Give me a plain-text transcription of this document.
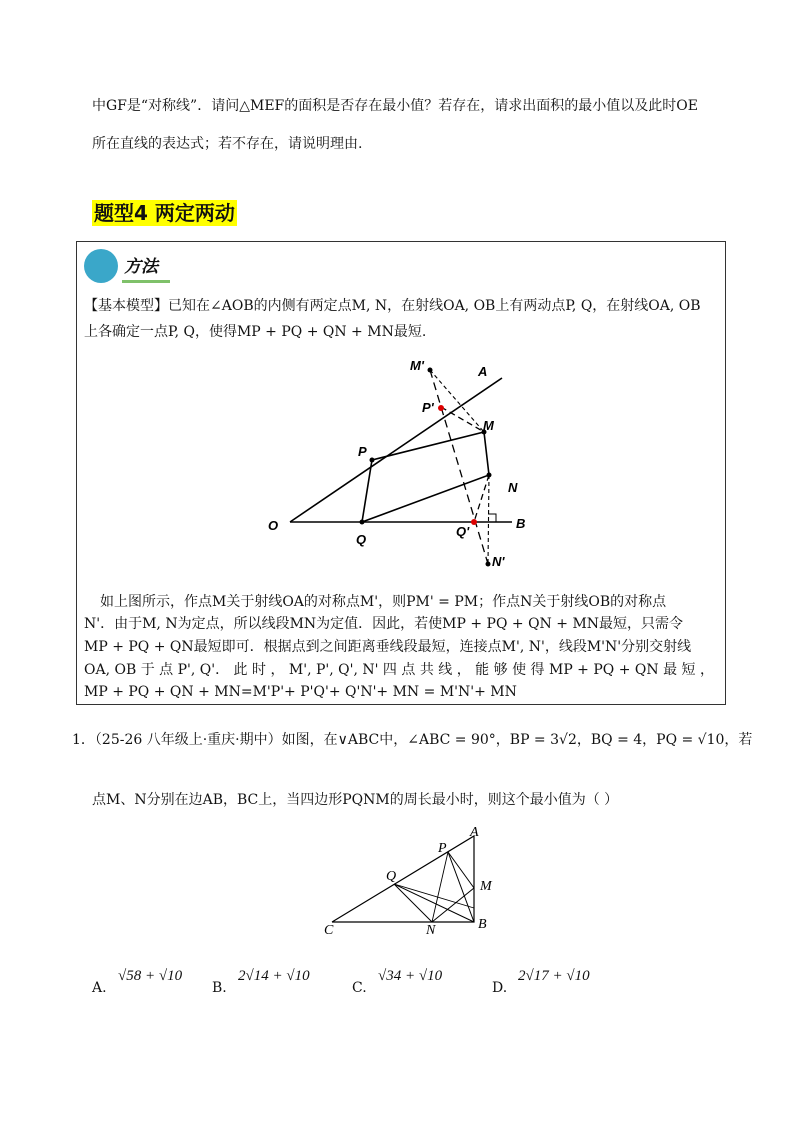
中GF是“对称线”．请问△MEF的面积是否存在最小值？若存在，请求出面积的最小值以及此时OE
所在直线的表达式；若不存在，请说明理由.
题型4 两定两动
方法
【基本模型】已知在∠AOB的内侧有两定点M, N，在射线OA, OB上有两动点P, Q，在射线OA, OB
上各确定一点P, Q，使得MP + PQ + QN + MN最短.
M'	A
P'
M
P
N
O
Q
Q'
B
N'
如上图所示，作点M关于射线OA的对称点M'，则PM' = PM；作点N关于射线OB的对称点
N'．由于M, N为定点，所以线段MN为定值．因此，若使MP + PQ + QN + MN最短，只需令
MP + PQ + QN最短即可．根据点到之间距离垂线段最短，连接点M', N'，线段M'N'分别交射线
OA, OB 于 点 P', Q'． 此 时 ， M', P', Q', N' 四 点 共 线 ， 能 够 使 得 MP + PQ + QN 最 短 ，
MP + PQ + QN + MN=M'P'+ P'Q'+ Q'N'+ MN = M'N'+ MN
1．（25-26 八年级上·重庆·期中）如图，在∨ABC中，∠ABC = 90°，BP = 3√2，BQ = 4，PQ = √10，若
点M、N分别在边AB，BC上，当四边形PQNM的周长最小时，则这个最小值为（ ）
A
P
Q
M
C	N	B
A.
√58 + √10
B.
2√14 + √10
C.
√34 + √10
D.
2√17 + √10
